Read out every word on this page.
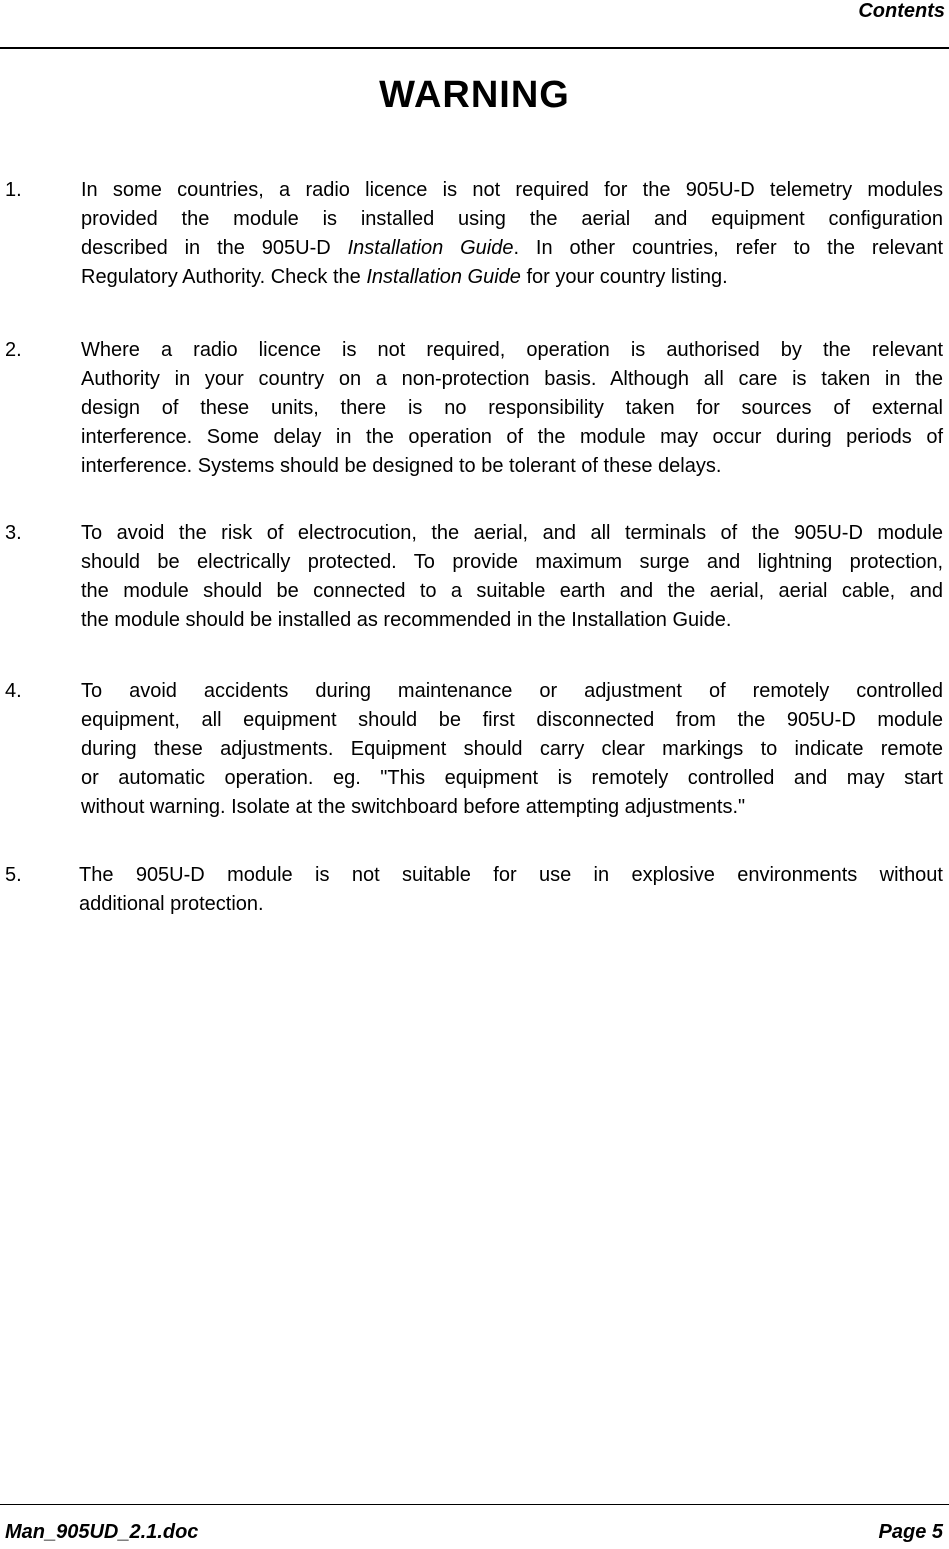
Contents
WARNING
1.	In some countries, a radio licence is not required for the 905U-D telemetry modules
provided the module is installed using the aerial and equipment configuration
described in the 905U-D Installation Guide. In other countries, refer to the relevant
Regulatory Authority. Check the Installation Guide for your country listing.
2.	Where a radio licence is not required, operation is authorised by the relevant
Authority in your country on a non-protection basis. Although all care is taken in the
design of these units, there is no responsibility taken for sources of external
interference. Some delay in the operation of the module may occur during periods of
interference. Systems should be designed to be tolerant of these delays.
3.	To avoid the risk of electrocution, the aerial, and all terminals of the 905U-D module
should be electrically protected. To provide maximum surge and lightning protection,
the module should be connected to a suitable earth and the aerial, aerial cable, and
the module should be installed as recommended in the Installation Guide.
4.	To avoid accidents during maintenance or adjustment of remotely controlled
equipment, all equipment should be first disconnected from the 905U-D module
during these adjustments. Equipment should carry clear markings to indicate remote
or automatic operation. eg. "This equipment is remotely controlled and may start
without warning. Isolate at the switchboard before attempting adjustments."
5.	The 905U-D module is not suitable for use in explosive environments without
additional protection.
Man_905UD_2.1.doc	Page 5
